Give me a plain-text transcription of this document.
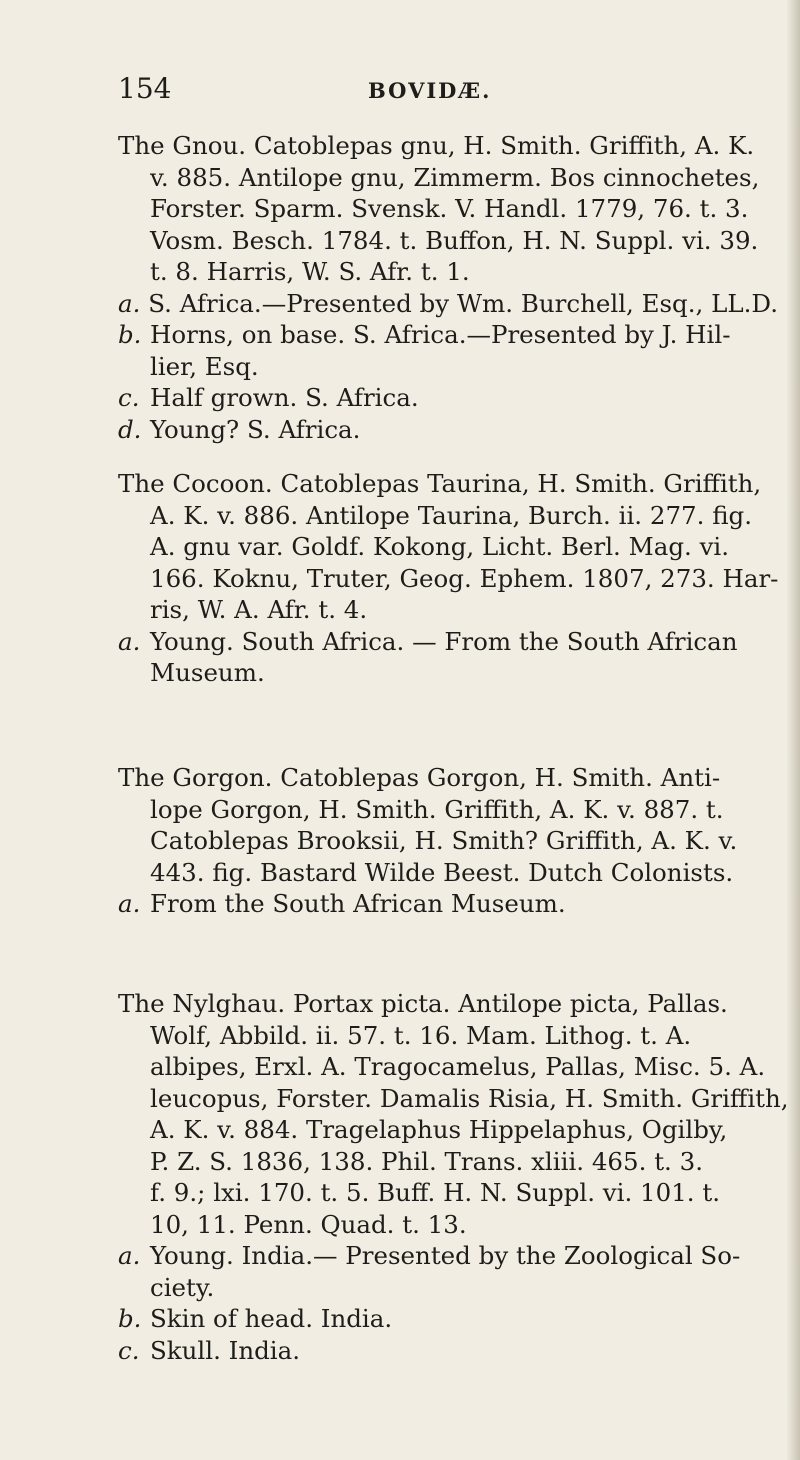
154	BOVIDÆ.
The Gnou. Catoblepas gnu, H. Smith. Griffith, A. K.
v. 885. Antilope gnu, Zimmerm. Bos cinnochetes,
Forster. Sparm. Svensk. V. Handl. 1779, 76. t. 3.
Vosm. Besch. 1784. t. Buffon, H. N. Suppl. vi. 39.
t. 8. Harris, W. S. Afr. t. 1.
a. S. Africa.—Presented by Wm. Burchell, Esq., LL.D.
b. Horns, on base. S. Africa.—Presented by J. Hil-
lier, Esq.
c. Half grown. S. Africa.
d. Young? S. Africa.
The Cocoon. Catoblepas Taurina, H. Smith. Griffith,
A. K. v. 886. Antilope Taurina, Burch. ii. 277. fig.
A. gnu var. Goldf. Kokong, Licht. Berl. Mag. vi.
166. Koknu, Truter, Geog. Ephem. 1807, 273. Har-
ris, W. A. Afr. t. 4.
a. Young. South Africa. — From the South African
Museum.
The Gorgon. Catoblepas Gorgon, H. Smith. Anti-
lope Gorgon, H. Smith. Griffith, A. K. v. 887. t.
Catoblepas Brooksii, H. Smith? Griffith, A. K. v.
443. fig. Bastard Wilde Beest. Dutch Colonists.
a. From the South African Museum.
The Nylghau. Portax picta. Antilope picta, Pallas.
Wolf, Abbild. ii. 57. t. 16. Mam. Lithog. t. A.
albipes, Erxl. A. Tragocamelus, Pallas, Misc. 5. A.
leucopus, Forster. Damalis Risia, H. Smith. Griffith,
A. K. v. 884. Tragelaphus Hippelaphus, Ogilby,
P. Z. S. 1836, 138. Phil. Trans. xliii. 465. t. 3.
f. 9.; lxi. 170. t. 5. Buff. H. N. Suppl. vi. 101. t.
10, 11. Penn. Quad. t. 13.
a. Young. India.— Presented by the Zoological So-
ciety.
b. Skin of head. India.
c. Skull. India.
